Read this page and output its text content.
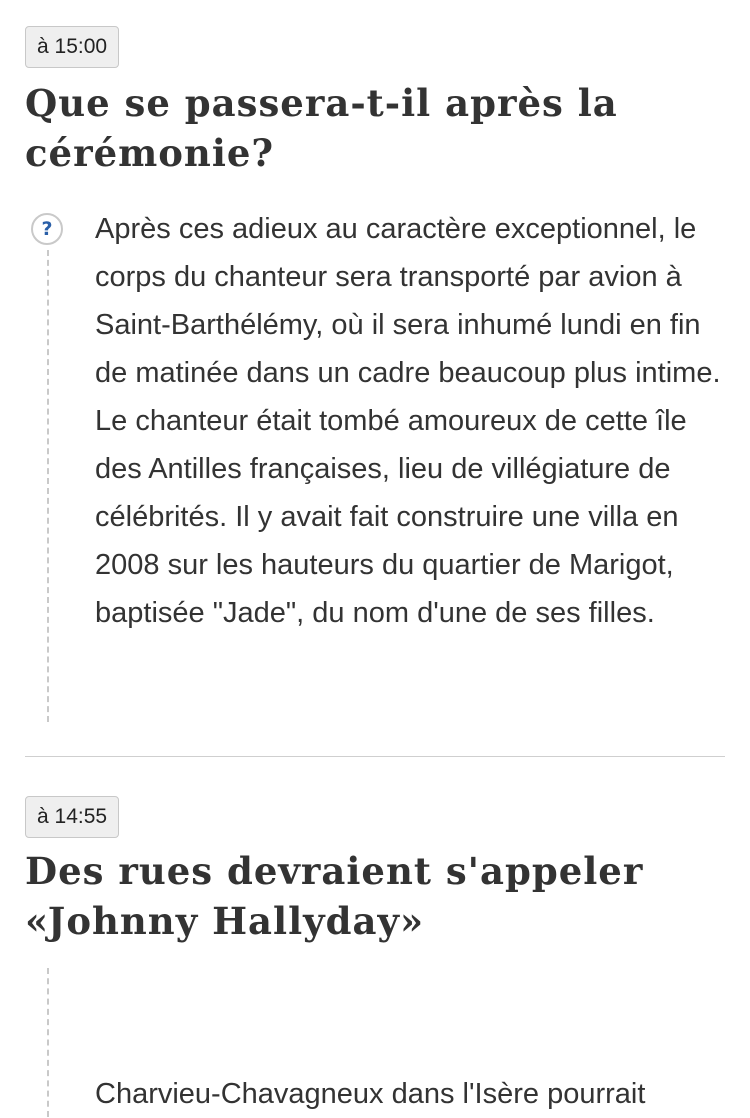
à 15:00
Que se passera-t-il après la cérémonie?
?	Après ces adieux au caractère exceptionnel, le corps du chanteur sera transporté par avion à Saint-Barthélémy, où il sera inhumé lundi en fin de matinée dans un cadre beaucoup plus intime. Le chanteur était tombé amoureux de cette île des Antilles françaises, lieu de villégiature de célébrités. Il y avait fait construire une villa en 2008 sur les hauteurs du quartier de Marigot, baptisée "Jade", du nom d'une de ses filles.

à 14:55
Des rues devraient s'appeler «Johnny Hallyday»

Charvieu-Chavagneux dans l'Isère pourrait
